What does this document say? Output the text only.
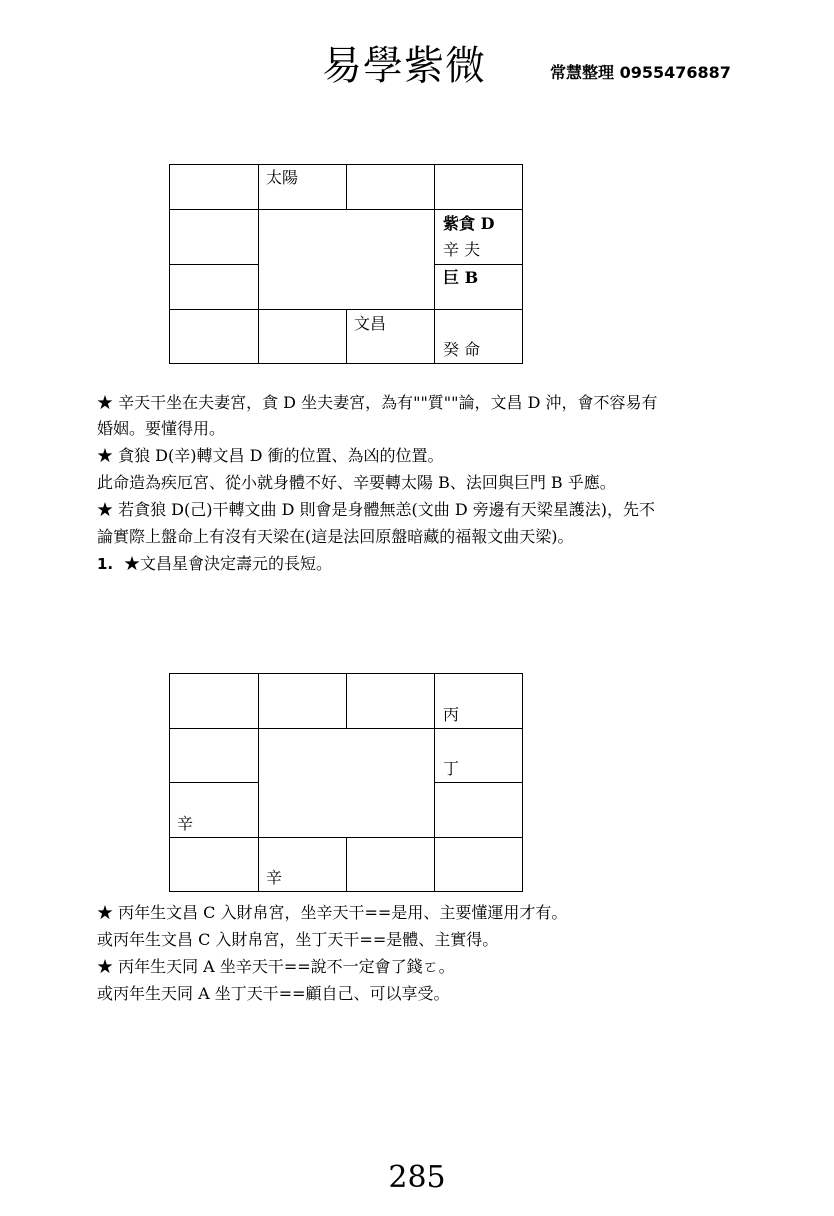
易學紫微	常慧整理 0955476887
太陽
紫貪 D
辛 夫
巨 B
文昌
癸 命
★ 辛天干坐在夫妻宮，貪 D 坐夫妻宮，為有""質""論，文昌 D 沖，會不容易有
婚姻。要懂得用。
★ 貪狼 D(辛)轉文昌 D 衝的位置、為凶的位置。
此命造為疾厄宮、從小就身體不好、辛要轉太陽 B、法回與巨門 B 乎應。
★ 若貪狼 D(己)干轉文曲 D 則會是身體無恙(文曲 D 旁邊有天梁星護法)，先不
論實際上盤命上有沒有天梁在(這是法回原盤暗藏的福報文曲天梁)。
1. ★文昌星會決定壽元的長短。
丙
丁
辛
辛
★ 丙年生文昌 C 入財帛宮，坐辛天干==是用、主要懂運用才有。
或丙年生文昌 C 入財帛宮，坐丁天干==是體、主實得。
★ 丙年生天同 A 坐辛天干==說不一定會了錢ㄛ。
或丙年生天同 A 坐丁天干==顧自己、可以享受。
285
